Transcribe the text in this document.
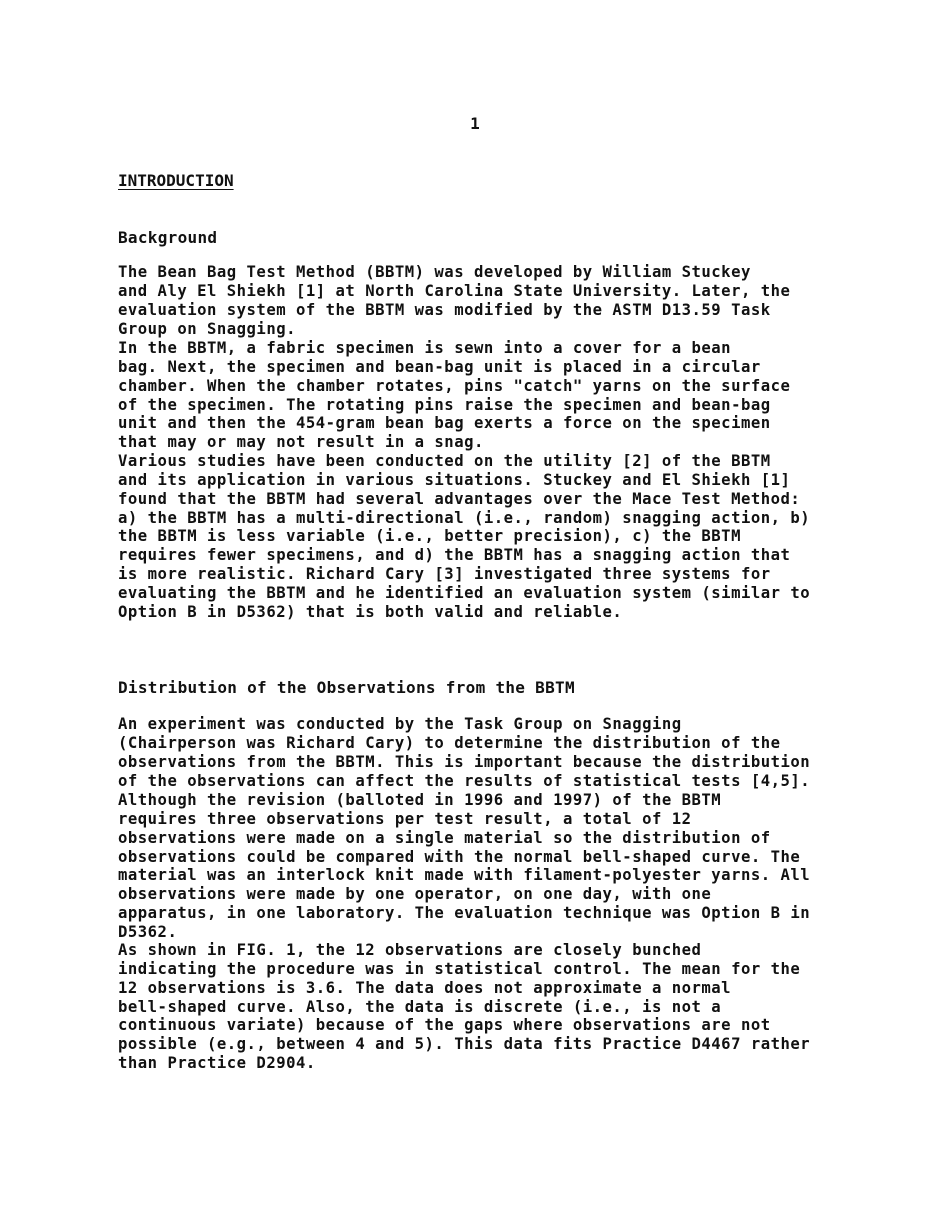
1
INTRODUCTION
Background

The Bean Bag Test Method (BBTM) was developed by William Stuckey
and Aly El Shiekh [1] at North Carolina State University. Later, the
evaluation system of the BBTM was modified by the ASTM D13.59 Task
Group on Snagging.

In the BBTM, a fabric specimen is sewn into a cover for a bean
bag. Next, the specimen and bean-bag unit is placed in a circular
chamber. When the chamber rotates, pins "catch" yarns on the surface
of the specimen. The rotating pins raise the specimen and bean-bag
unit and then the 454-gram bean bag exerts a force on the specimen
that may or may not result in a snag.

Various studies have been conducted on the utility [2] of the BBTM
and its application in various situations. Stuckey and El Shiekh [1]
found that the BBTM had several advantages over the Mace Test Method:
a) the BBTM has a multi-directional (i.e., random) snagging action, b)
the BBTM is less variable (i.e., better precision), c) the BBTM
requires fewer specimens, and d) the BBTM has a snagging action that
is more realistic. Richard Cary [3] investigated three systems for
evaluating the BBTM and he identified an evaluation system (similar to
Option B in D5362) that is both valid and reliable.

Distribution of the Observations from the BBTM

An experiment was conducted by the Task Group on Snagging
(Chairperson was Richard Cary) to determine the distribution of the
observations from the BBTM. This is important because the distribution
of the observations can affect the results of statistical tests [4,5].

Although the revision (balloted in 1996 and 1997) of the BBTM
requires three observations per test result, a total of 12
observations were made on a single material so the distribution of
observations could be compared with the normal bell-shaped curve. The
material was an interlock knit made with filament-polyester yarns. All
observations were made by one operator, on one day, with one
apparatus, in one laboratory. The evaluation technique was Option B in
D5362.

As shown in FIG. 1, the 12 observations are closely bunched
indicating the procedure was in statistical control. The mean for the
12 observations is 3.6. The data does not approximate a normal
bell-shaped curve. Also, the data is discrete (i.e., is not a
continuous variate) because of the gaps where observations are not
possible (e.g., between 4 and 5). This data fits Practice D4467 rather
than Practice D2904.
